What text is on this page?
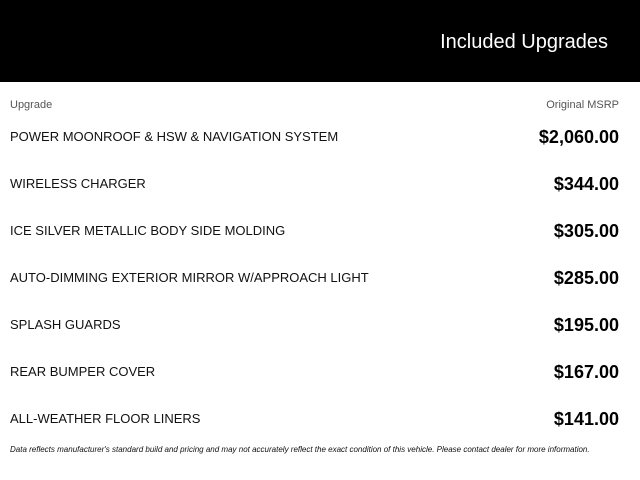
Included Upgrades
Upgrade	Original MSRP
POWER MOONROOF & HSW & NAVIGATION SYSTEM	$2,060.00
WIRELESS CHARGER	$344.00
ICE SILVER METALLIC BODY SIDE MOLDING	$305.00
AUTO-DIMMING EXTERIOR MIRROR W/APPROACH LIGHT	$285.00
SPLASH GUARDS	$195.00
REAR BUMPER COVER	$167.00
ALL-WEATHER FLOOR LINERS	$141.00
Data reflects manufacturer's standard build and pricing and may not accurately reflect the exact condition of this vehicle. Please contact dealer for more information.
